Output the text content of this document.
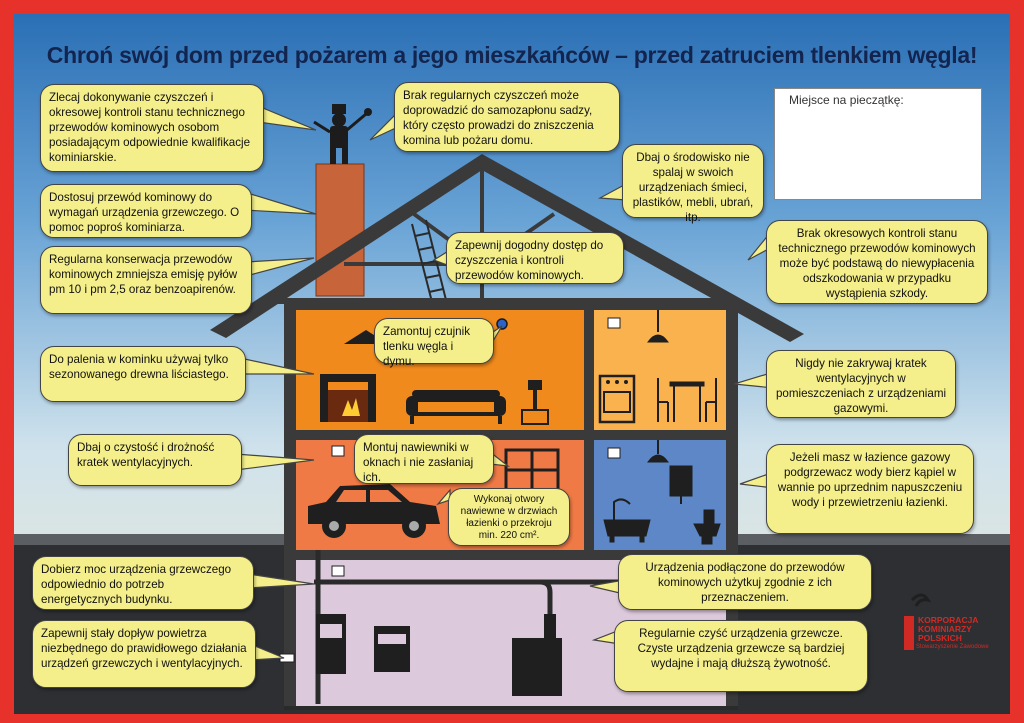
Chroń swój dom przed pożarem a jego mieszkańców – przed zatruciem tlenkiem węgla!
Miejsce na pieczątkę:
Zlecaj dokonywanie czyszczeń i okresowej kontroli stanu technicznego przewodów kominowych osobom posiadającym odpowiednie kwalifikacje kominiarskie.
Dostosuj przewód kominowy do wymagań urządzenia grzewczego. O pomoc poproś kominiarza.
Regularna konserwacja przewodów kominowych zmniejsza emisję pyłów pm 10 i pm 2,5 oraz benzoapirenów.
Do palenia w kominku używaj tylko sezonowanego drewna liściastego.
Dbaj o czystość i drożność kratek wentylacyjnych.
Dobierz moc urządzenia grzewczego odpowiednio do potrzeb energetycznych budynku.
Zapewnij stały dopływ powietrza niezbędnego do prawidłowego działania urządzeń grzewczych i wentylacyjnych.
Brak regularnych czyszczeń może doprowadzić do samozapłonu sadzy, który często prowadzi do zniszczenia komina lub pożaru domu.
Dbaj o środowisko nie spalaj w swoich urządzeniach śmieci, plastików, mebli, ubrań, itp.
Zapewnij dogodny dostęp do czyszczenia i kontroli przewodów kominowych.
Zamontuj czujnik tlenku węgla i dymu.
Montuj nawiewniki w oknach i nie zasłaniaj ich.
Wykonaj otwory nawiewne w drzwiach łazienki o przekroju min. 220 cm².
Brak okresowych kontroli stanu technicznego przewodów kominowych może być podstawą do niewypłacenia odszkodowania w przypadku wystąpienia szkody.
Nigdy nie zakrywaj kratek wentylacyjnych w pomieszczeniach z urządzeniami gazowymi.
Jeżeli masz w łazience gazowy podgrzewacz wody bierz kąpiel w wannie po uprzednim napuszczeniu wody i przewietrzeniu łazienki.
Urządzenia podłączone do przewodów kominowych użytkuj zgodnie z ich przeznaczeniem.
Regularnie czyść urządzenia grzewcze. Czyste urządzenia grzewcze są bardziej wydajne i mają dłuższą żywotność.
KORPORACJA
KOMINIARZY
POLSKICH
Stowarzyszenie Zawodowe
